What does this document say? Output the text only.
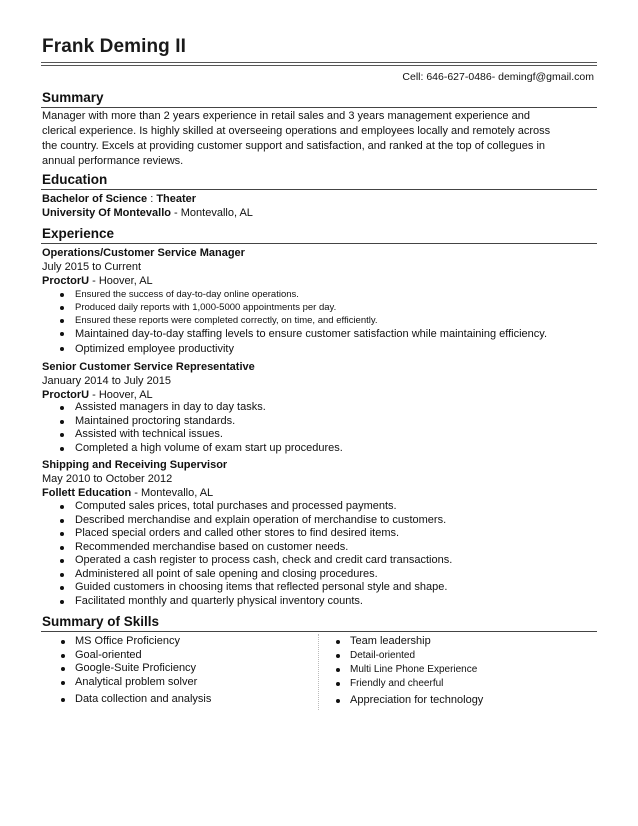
Frank Deming II
Cell: 646-627-0486- demingf@gmail.com
Summary
Manager with more than 2 years experience in retail sales and 3 years management experience and clerical experience. Is highly skilled at overseeing operations and employees locally and remotely across the country. Excels at providing customer support and satisfaction, and ranked at the top of collegues in annual performance reviews.
Education
Bachelor of Science : Theater
University Of Montevallo - Montevallo, AL
Experience
Operations/Customer Service Manager
July 2015 to Current
ProctorU - Hoover, AL
Ensured the success of day-to-day online operations.
Produced daily reports with 1,000-5000 appointments per day.
Ensured these reports were completed correctly, on time, and efficiently.
Maintained day-to-day staffing levels to ensure customer satisfaction while maintaining efficiency.
Optimized employee productivity
Senior Customer Service Representative
January 2014 to July 2015
ProctorU - Hoover, AL
Assisted managers in day to day tasks.
Maintained proctoring standards.
Assisted with technical issues.
Completed a high volume of exam start up procedures.
Shipping and Receiving Supervisor
May 2010 to October 2012
Follett Education - Montevallo, AL
Computed sales prices, total purchases and processed payments.
Described merchandise and explain operation of merchandise to customers.
Placed special orders and called other stores to find desired items.
Recommended merchandise based on customer needs.
Operated a cash register to process cash, check and credit card transactions.
Administered all point of sale opening and closing procedures.
Guided customers in choosing items that reflected personal style and shape.
Facilitated monthly and quarterly physical inventory counts.
Summary of Skills
MS Office Proficiency
Goal-oriented
Google-Suite Proficiency
Analytical problem solver
Data collection and analysis
Team leadership
Detail-oriented
Multi Line Phone Experience
Friendly and cheerful
Appreciation for technology
